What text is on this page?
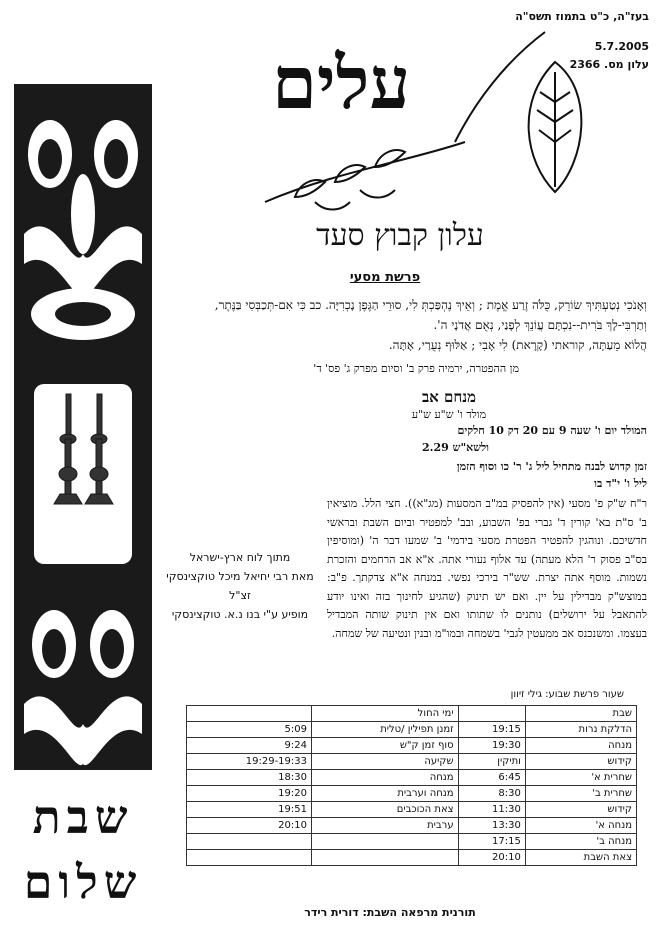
בעז"ה, כ"ט בתמוז תשס"ה
5.7.2005
עלון מס. 2366
שבת
שלום
עלים
עלון קבוץ סעד
פרשת מסעי
וְאָנֹכִי נְטַעְתִּיךְ שׂוֹרֵק, כֻּלֹּה זֶרַע אֱמֶת ; וְאֵיךְ נֶהְפַּכְתְּ לִי, סוּרֵי הַגֶּפֶן נָכְרִיָּה. כב כִּי אִם-תְּכַבְּסִי בַּנֶּתֶר,
וְתַרְבִּי-לָךְ בֹּרִית--נִכְתָּם עֲוֹנֵךְ לְפָנַי, נְאֻם אֲדֹנָי ה'.
הֲלוֹא מֵעַתָּה, קוראתי (קָרָאת) לִי אָבִי ; אַלּוּף נְעֻרַי, אָתָּה.
מן ההפטרה, ירמיה פרק ב' וסיום מפרק ג' פס' ד'
מנחם אב
מולד ו' ש"ע ש"ע
המולד יום ו' שעה 9 עם 20 דק 10 חלקים
ולשא"ש 2.29
זמן קדוש לבנה מתחיל ליל ג' ר' כו וסוף הזמן
ליל ו' י"ד בו
ר"ח ש"ק פ' מסעי (אין להפסיק במ"ב המסעות (מג"א)). חצי הלל. מוציאין ב' ס"ת בא' קורין ד' גברי בפ' השבוע, ובב' למפטיר וביום השבת ובראשי חדשיכם. ונוהגין להפטיר הפטרת מסעי בידמי' ב' שמעו דבר ה' (ומוסיפין בס"ב פסוק ר' הלא מעתה) עד אלוף נעורי אתה. א"א אב הרחמים והזכרת נשמות. מוסף אתה יצרת. שש"ר בירכי נפשי. במנחה א"א צדקתך. פ"ב: במוצש"ק מבדילין על יין. ואם יש תינוק (שהגיע לחינוך בזה ואינו יודע להתאבל על ירושלים) נותנים לו שתותו ואם אין תינוק שותה המבדיל בעצמו. ומשנכנס אב ממעטין לגבי' בשמחה ובמו"מ ובנין ונטיעה של שמחה.
מתוך לוח ארץ-ישראל
מאת רבי יחיאל מיכל טוקצינסקי זצ"ל
מופיע ע"י בנו נ.א. טוקצינסקי
שעור פרשת שבוע: גילי זיוון
שבת		ימי החול	
הדלקת נרות	19:15	זמנן תפילין /טלית	5:09
מנחה	19:30	סוף זמן ק"ש	9:24
קידוש	ותיקין	שקיעה	19:29-19:33
שחרית א'	6:45	מנחה	18:30
שחרית ב'	8:30	מנחה וערבית	19:20
קידוש	11:30	צאת הכוכבים	19:51
מנחה א'	13:30	ערבית	20:10
מנחה ב'	17:15		
צאת השבת	20:10		
תורנית מרפאה השבת: דורית רידר
